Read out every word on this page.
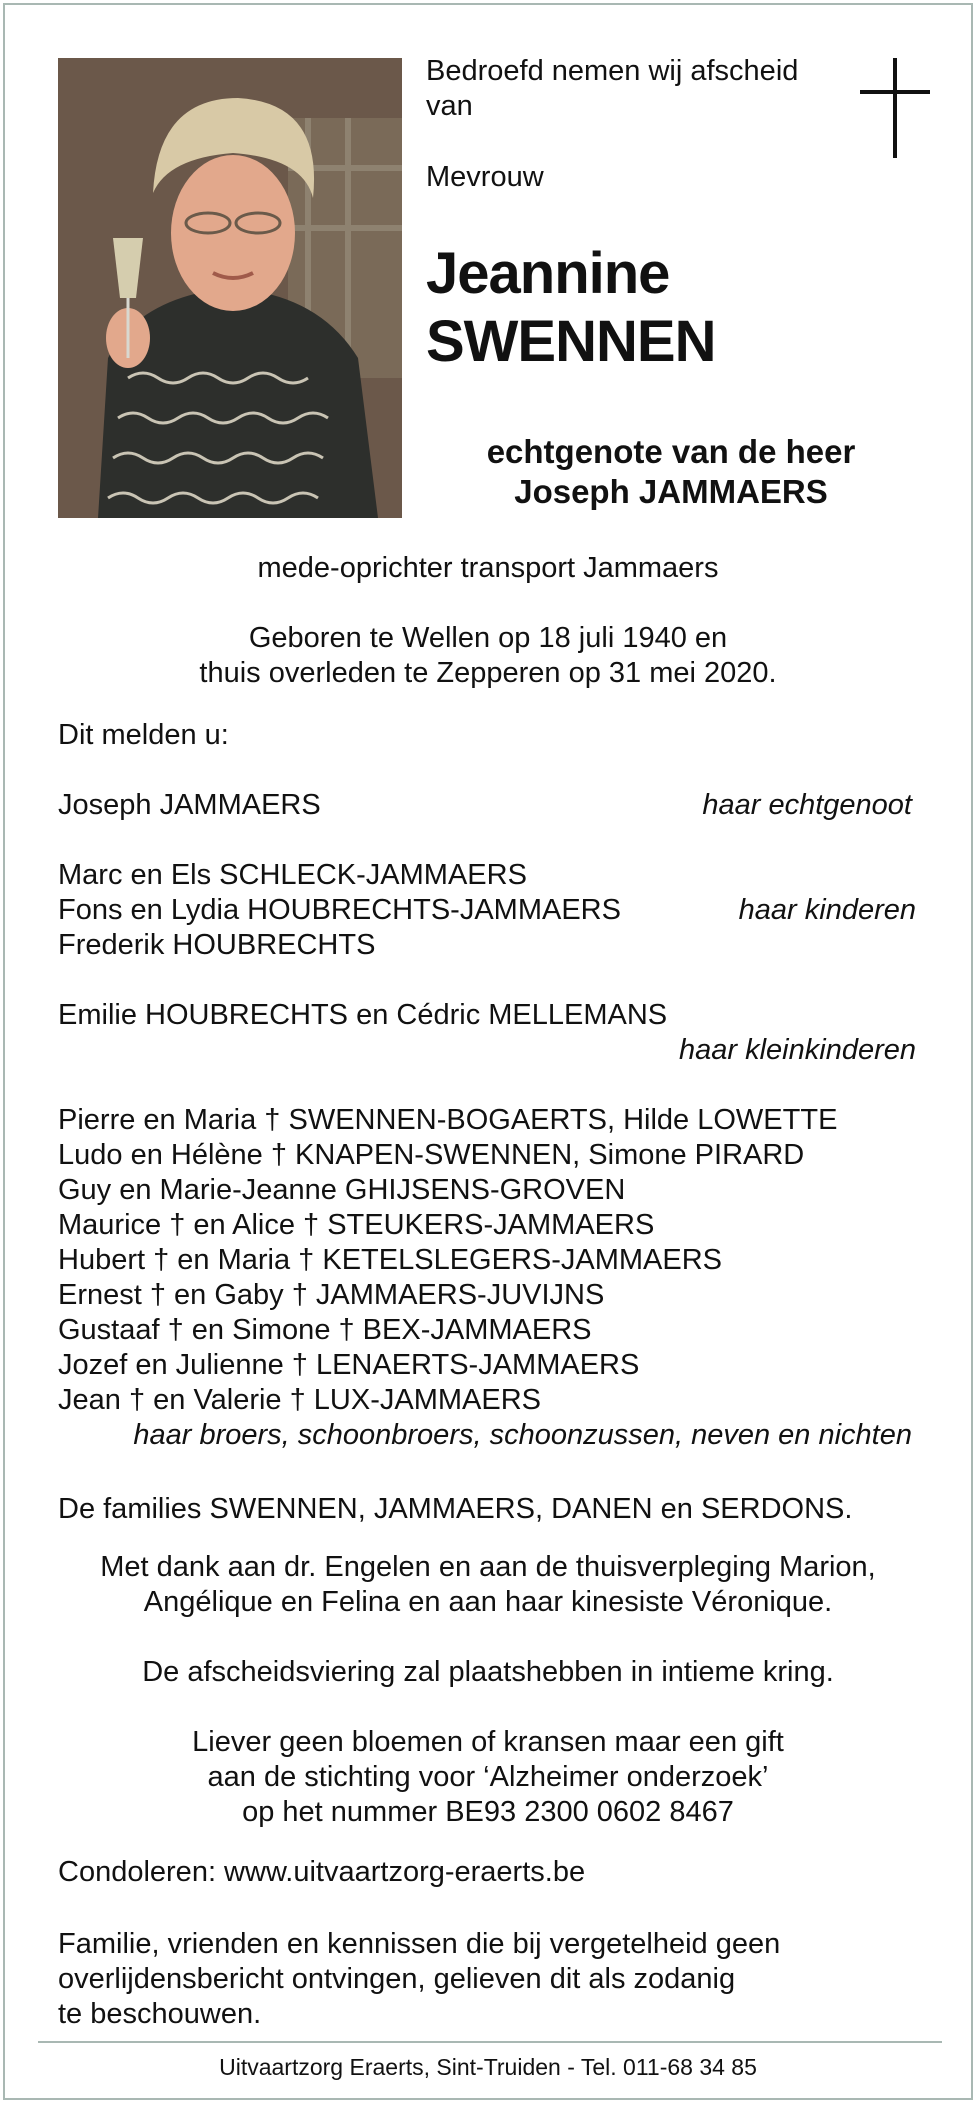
Bedroefd nemen wij afscheid
van
Mevrouw
Jeannine
SWENNEN
echtgenote van de heer
Joseph JAMMAERS
mede-oprichter transport Jammaers
Geboren te Wellen op 18 juli 1940 en
thuis overleden te Zepperen op 31 mei 2020.
Dit melden u:
Joseph JAMMAERS	haar echtgenoot
Marc en Els SCHLECK-JAMMAERS
Fons en Lydia HOUBRECHTS-JAMMAERS
Frederik HOUBRECHTS
haar kinderen
Emilie HOUBRECHTS en Cédric MELLEMANS
haar kleinkinderen
Pierre en Maria † SWENNEN-BOGAERTS, Hilde LOWETTE
Ludo en Hélène † KNAPEN-SWENNEN, Simone PIRARD
Guy en Marie-Jeanne GHIJSENS-GROVEN
Maurice † en Alice † STEUKERS-JAMMAERS
Hubert † en Maria † KETELSLEGERS-JAMMAERS
Ernest † en Gaby † JAMMAERS-JUVIJNS
Gustaaf † en Simone † BEX-JAMMAERS
Jozef en Julienne † LENAERTS-JAMMAERS
Jean † en Valerie † LUX-JAMMAERS
haar broers, schoonbroers, schoonzussen, neven en nichten
De families SWENNEN, JAMMAERS, DANEN en SERDONS.
Met dank aan dr. Engelen en aan de thuisverpleging Marion,
Angélique en Felina en aan haar kinesiste Véronique.
De afscheidsviering zal plaatshebben in intieme kring.
Liever geen bloemen of kransen maar een gift
aan de stichting voor ‘Alzheimer onderzoek’
op het nummer BE93 2300 0602 8467
Condoleren: www.uitvaartzorg-eraerts.be
Familie, vrienden en kennissen die bij vergetelheid geen
overlijdensbericht ontvingen, gelieven dit als zodanig
te beschouwen.
Uitvaartzorg Eraerts, Sint-Truiden - Tel. 011-68 34 85
